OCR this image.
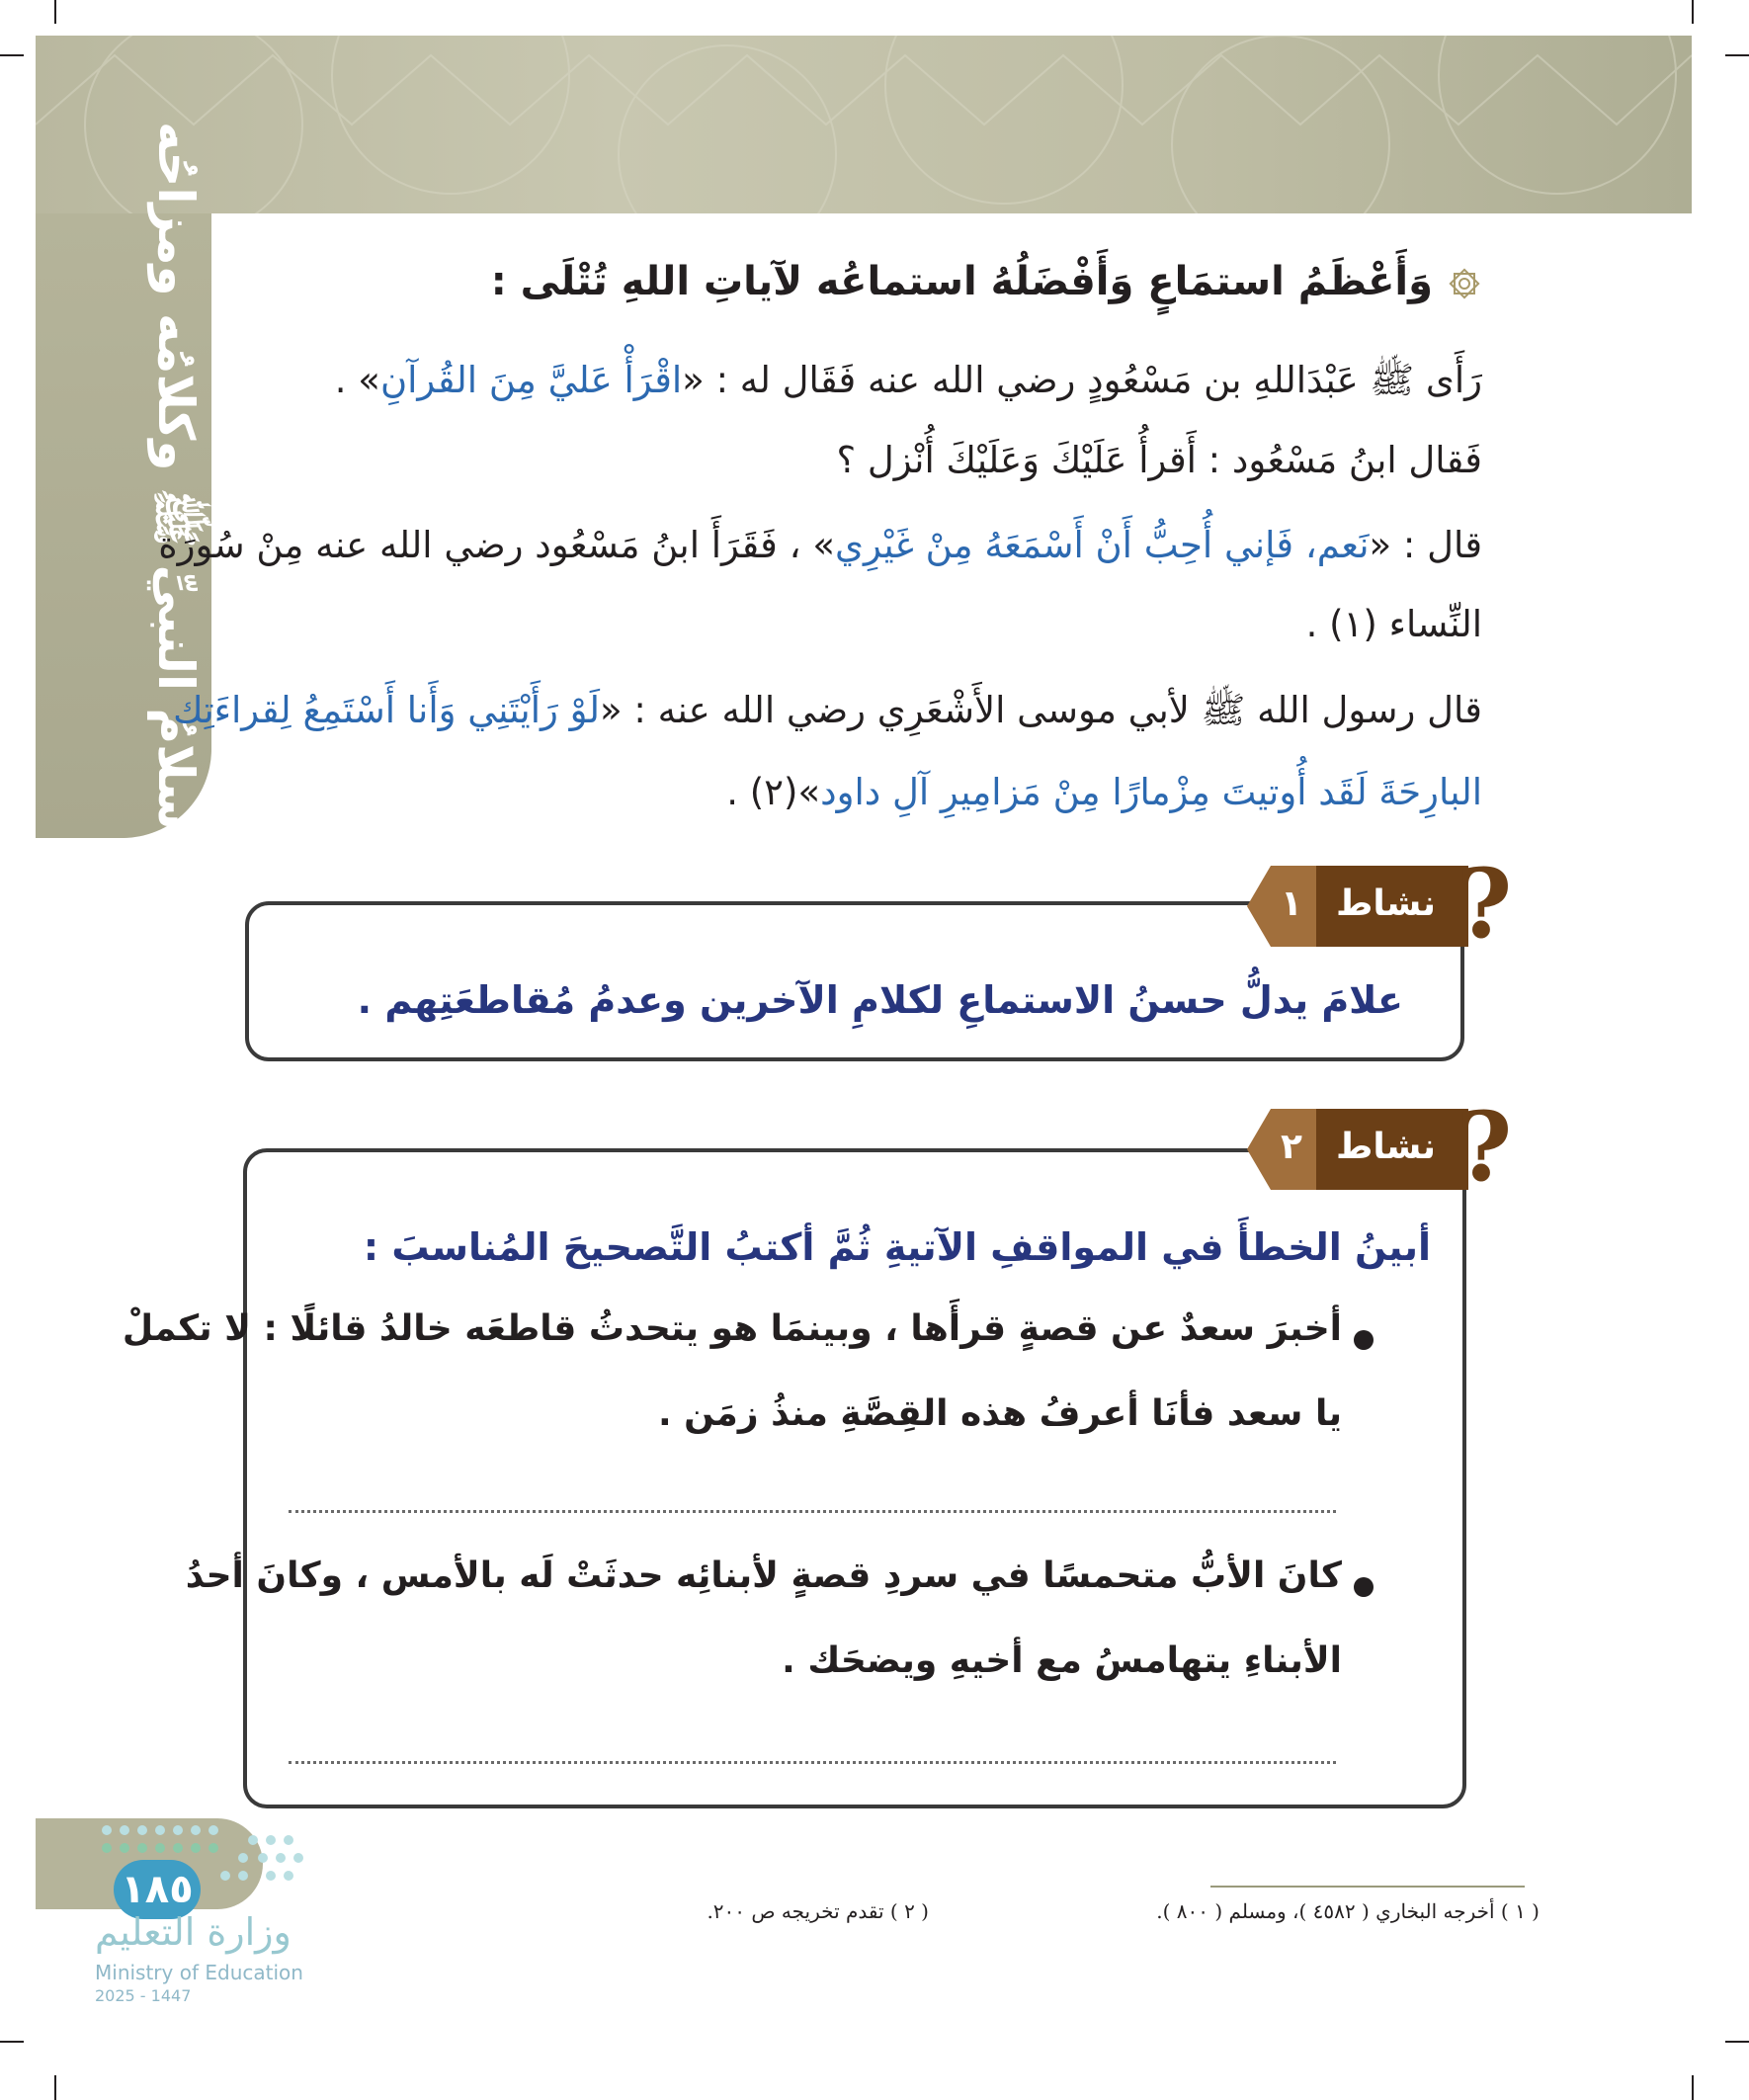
سلامُ النبيِّ ﷺ وكلامُه ومزاحُه	وَأَعْظَمُ استمَاعٍ وَأَفْضَلُهُ استماعُه لآياتِ اللهِ تُتْلَى :
رَأَى ﷺ عَبْدَاللهِ بن مَسْعُودٍ رضي الله عنه فَقَال له : «اقْرَأْ عَليَّ مِنَ القُرآنِ» .
فَقال ابنُ مَسْعُود : أَقرأُ عَلَيْكَ وَعَلَيْكَ أُنْزل ؟
قال : «نَعم، فَإني أُحِبُّ أَنْ أَسْمَعَهُ مِنْ غَيْرِي» ، فَقَرَأَ ابنُ مَسْعُود رضي الله عنه مِنْ سُورَة
النِّساء (١) .
قال رسول الله ﷺ لأبي موسى الأَشْعَرِي رضي الله عنه : «لَوْ رَأَيْتَنِي وَأَنا أَسْتَمِعُ لِقراءَتِك
البارِحَةَ لَقَد أُوتيتَ مِزْمارًا مِنْ مَزامِيرِ آلِ داود»(٢) .
١ نشاط ?
علامَ يدلُّ حسنُ الاستماعِ لكلامِ الآخرين وعدمُ مُقاطعَتِهم .
٢ نشاط ?
أبينُ الخطأَ في المواقفِ الآتيةِ ثُمَّ أكتبُ التَّصحيحَ المُناسبَ :
أخبرَ سعدٌ عن قصةٍ قرأَها ، وبينمَا هو يتحدثُ قاطعَه خالدُ قائلًا : لا تكملْ
يا سعد فأنَا أعرفُ هذه القِصَّةِ منذُ زمَن .
كانَ الأبُّ متحمسًا في سردِ قصةٍ لأبنائِه حدثَتْ لَه بالأمس ، وكانَ أحدُ
الأبناءِ يتهامسُ مع أخيهِ ويضحَك .
( ١ ) أخرجه البخاري ( ٤٥٨٢ )، ومسلم ( ٨٠٠ ).
( ٢ ) تقدم تخريجه ص ٢٠٠.
١٨٥
وزارة التعليم
Ministry of Education
2025 - 1447
